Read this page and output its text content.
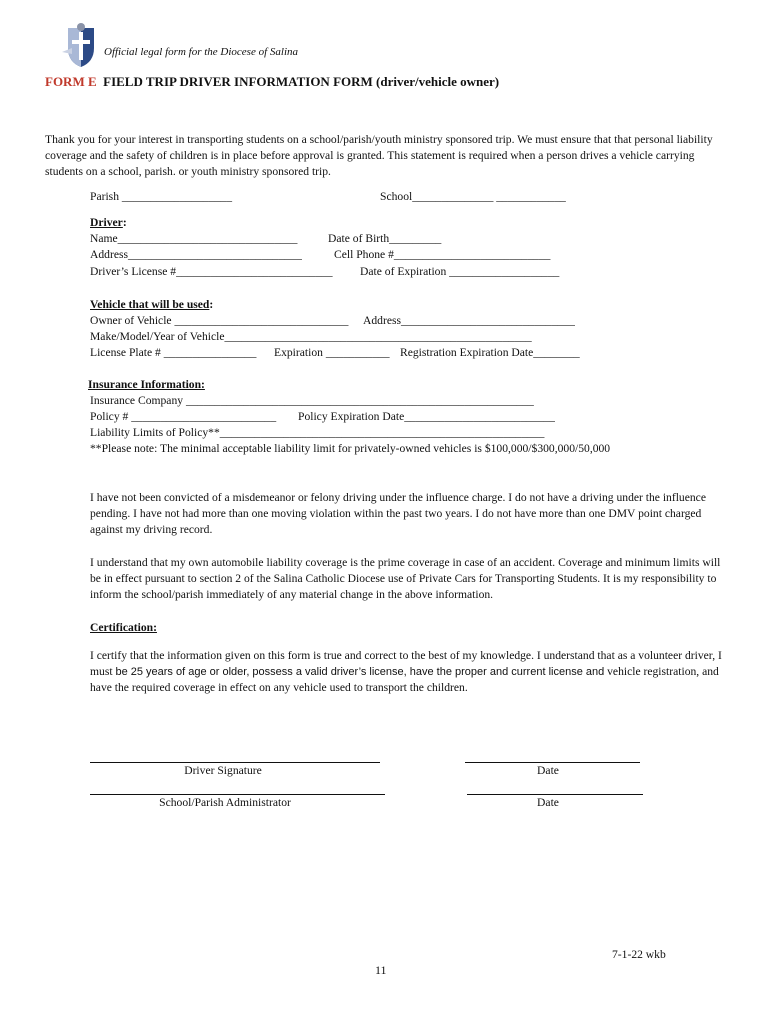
Official legal form for the Diocese of Salina
FORM E FIELD TRIP DRIVER INFORMATION FORM (driver/vehicle owner)
Thank you for your interest in transporting students on a school/parish/youth ministry sponsored trip. We must ensure that that personal liability coverage and the safety of children is in place before approval is granted. This statement is required when a person drives a vehicle carrying students on a school, parish. or youth ministry sponsored trip.
Parish ___________________	School______________ ____________
Driver:
Name_______________________________	Date of Birth_________
Address______________________________	Cell Phone #___________________________
Driver’s License #___________________________ Date of Expiration ___________________
Vehicle that will be used:
Owner of Vehicle ______________________________ Address______________________________
Make/Model/Year of Vehicle_____________________________________________________
License Plate # ________________ Expiration ___________ Registration Expiration Date________
Insurance Information:
Insurance Company ____________________________________________________________
Policy # _________________________ Policy Expiration Date__________________________
Liability Limits of Policy**________________________________________________________
**Please note: The minimal acceptable liability limit for privately-owned vehicles is $100,000/$300,000/50,000
I have not been convicted of a misdemeanor or felony driving under the influence charge. I do not have a driving under the influence pending. I have not had more than one moving violation within the past two years. I do not have more than one DMV point charged against my driving record.
I understand that my own automobile liability coverage is the prime coverage in case of an accident. Coverage and minimum limits will be in effect pursuant to section 2 of the Salina Catholic Diocese use of Private Cars for Transporting Students. It is my responsibility to inform the school/parish immediately of any material change in the above information.
Certification:
I certify that the information given on this form is true and correct to the best of my knowledge. I understand that as a volunteer driver, I must be 25 years of age or older, possess a valid driver’s license, have the proper and current license and vehicle registration, and have the required coverage in effect on any vehicle used to transport the children.
Driver Signature	Date
School/Parish Administrator	Date
7-1-22 wkb
11
